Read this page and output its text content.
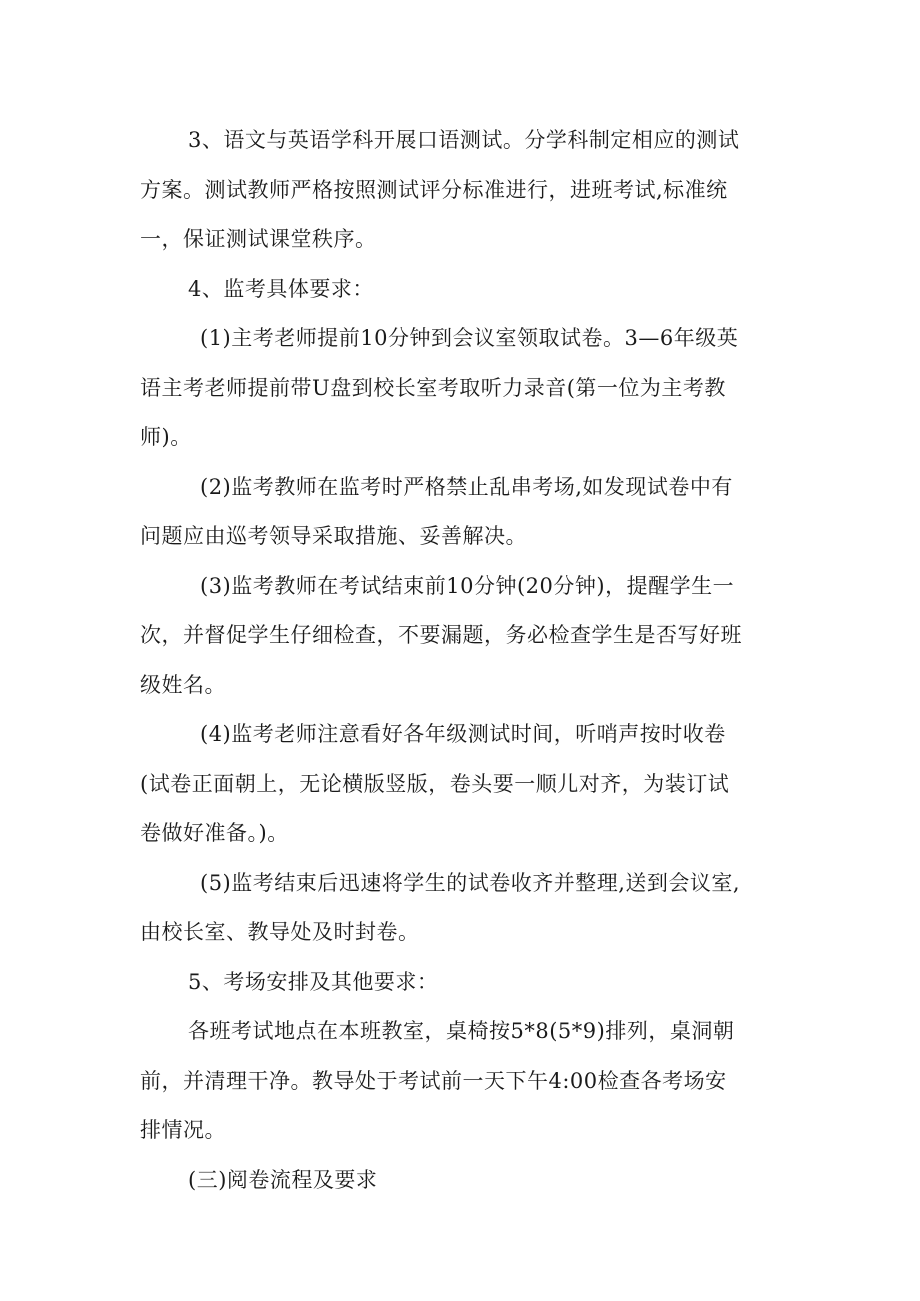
3、语文与英语学科开展口语测试。分学科制定相应的测试
方案。测试教师严格按照测试评分标准进行，进班考试,标准统
一，保证测试课堂秩序。
4、监考具体要求：
(1)主考老师提前10分钟到会议室领取试卷。3—6年级英
语主考老师提前带U盘到校长室考取听力录音(第一位为主考教
师)。
(2)监考教师在监考时严格禁止乱串考场,如发现试卷中有
问题应由巡考领导采取措施、妥善解决。
(3)监考教师在考试结束前10分钟(20分钟)，提醒学生一
次，并督促学生仔细检查，不要漏题，务必检查学生是否写好班
级姓名。
(4)监考老师注意看好各年级测试时间，听哨声按时收卷
(试卷正面朝上，无论横版竖版，卷头要一顺儿对齐，为装订试
卷做好准备。)。
(5)监考结束后迅速将学生的试卷收齐并整理,送到会议室,
由校长室、教导处及时封卷。
5、考场安排及其他要求：
各班考试地点在本班教室，桌椅按5*8(5*9)排列，桌洞朝
前，并清理干净。教导处于考试前一天下午4:00检查各考场安
排情况。
(三)阅卷流程及要求
